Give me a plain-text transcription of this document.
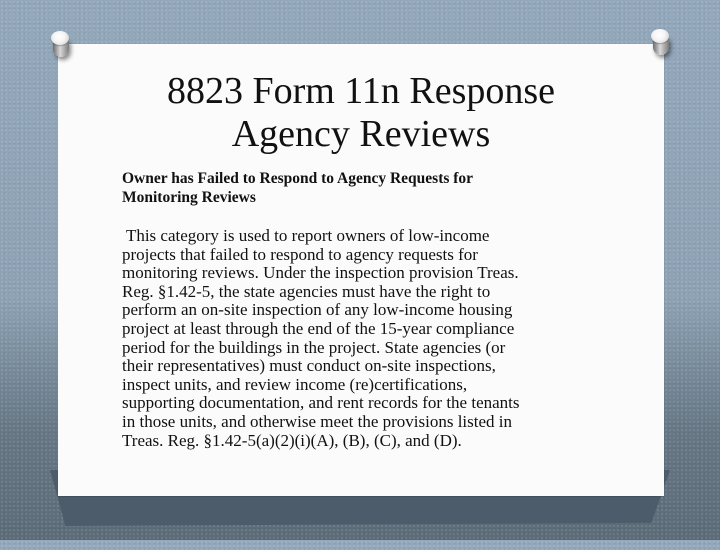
8823 Form 11n Response
Agency Reviews
Owner has Failed to Respond to Agency Requests for
Monitoring Reviews

This category is used to report owners of low-income
projects that failed to respond to agency requests for
monitoring reviews. Under the inspection provision Treas.
Reg. §1.42-5, the state agencies must have the right to
perform an on-site inspection of any low-income housing
project at least through the end of the 15-year compliance
period for the buildings in the project. State agencies (or
their representatives) must conduct on-site inspections,
inspect units, and review income (re)certifications,
supporting documentation, and rent records for the tenants
in those units, and otherwise meet the provisions listed in
Treas. Reg. §1.42-5(a)(2)(i)(A), (B), (C), and (D).
